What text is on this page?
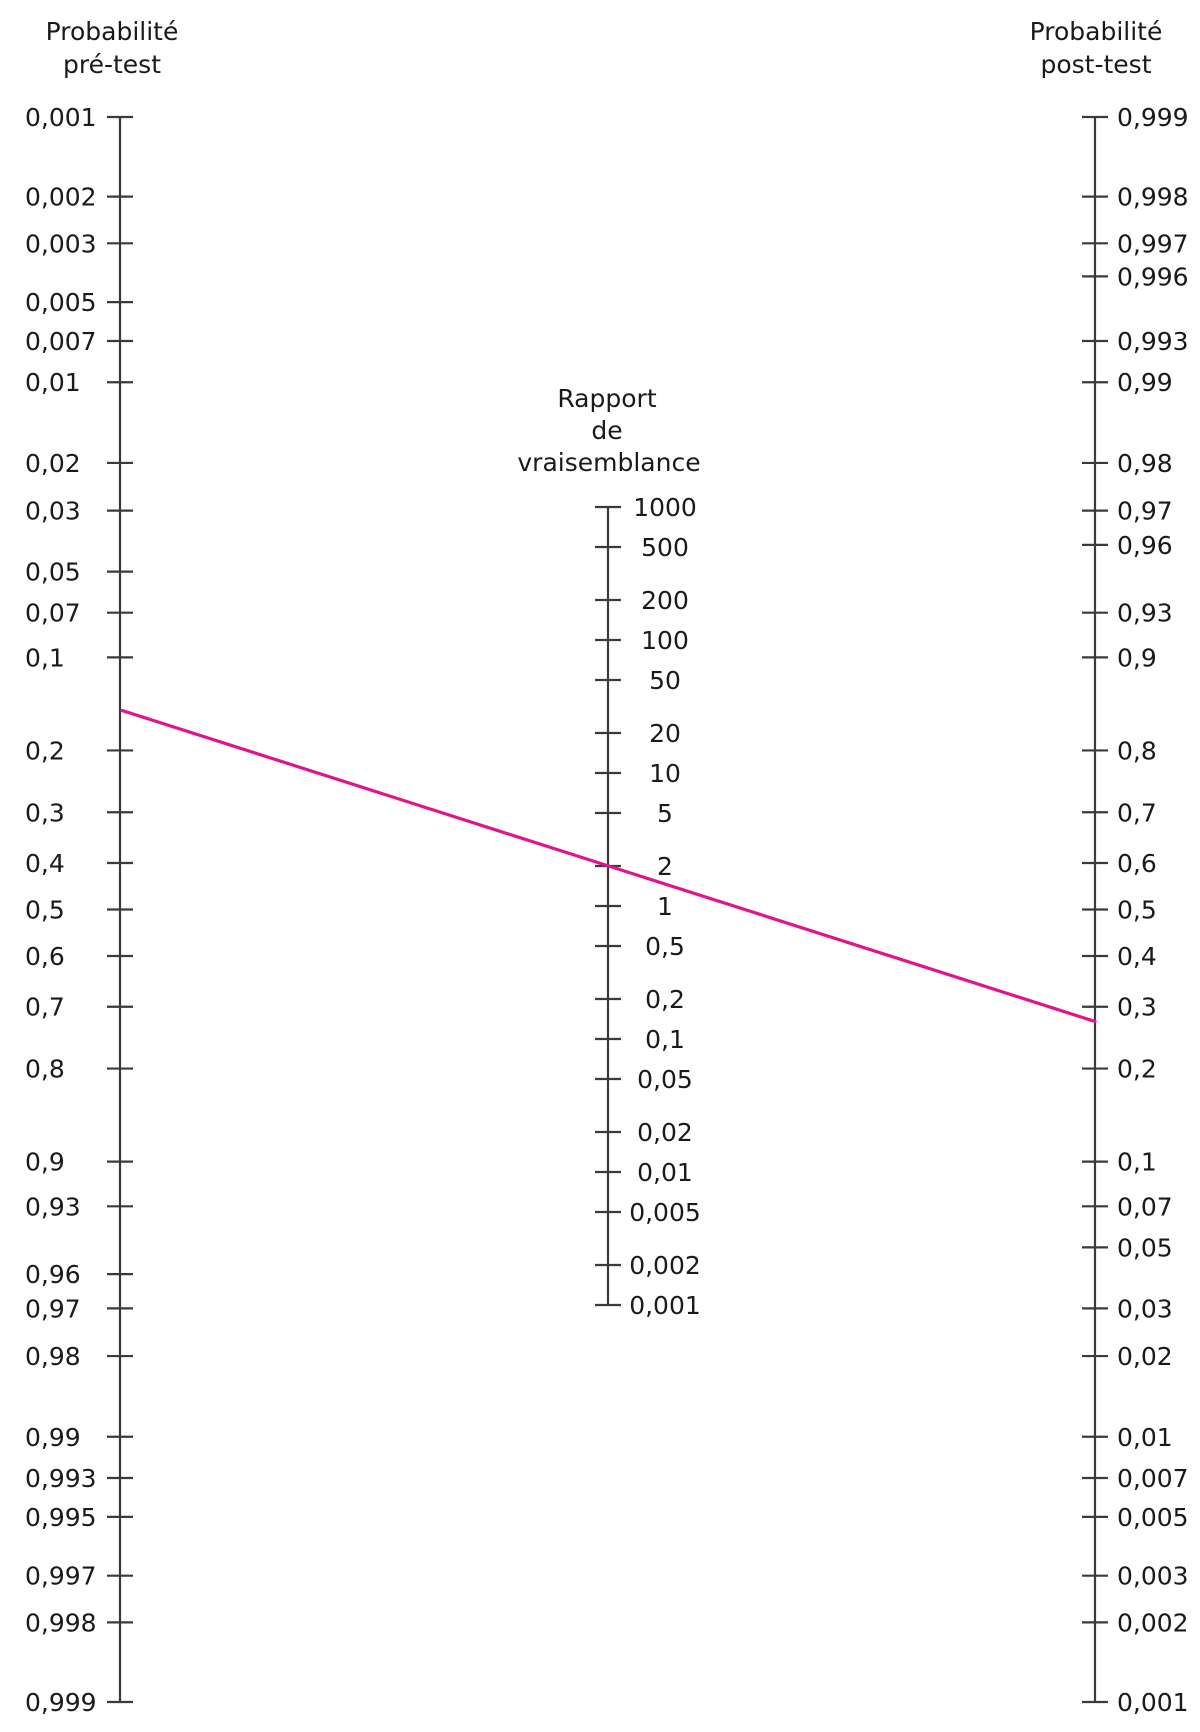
Probabilité
pré-test
0,001
0,002
0,003
0,005
0,007
0,01
0,02
0,03
0,05
0,07
0,1
0,2
0,3
0,4
0,5
0,6
0,7
0,8
0,9
0,93
0,96
0,97
0,98
0,99
0,993
0,995
0,997
0,998
0,999
Rapport
de
vraisemblance
1000
500
200
100
50
20
10
5
2
1
0,5
0,2
0,1
0,05
0,02
0,01
0,005
0,002
0,001
Probabilité
post-test
0,999
0,998
0,997
0,996
0,993
0,99
0,98
0,97
0,96
0,93
0,9
0,8
0,7
0,6
0,5
0,4
0,3
0,2
0,1
0,07
0,05
0,03
0,02
0,01
0,007
0,005
0,003
0,002
0,001
